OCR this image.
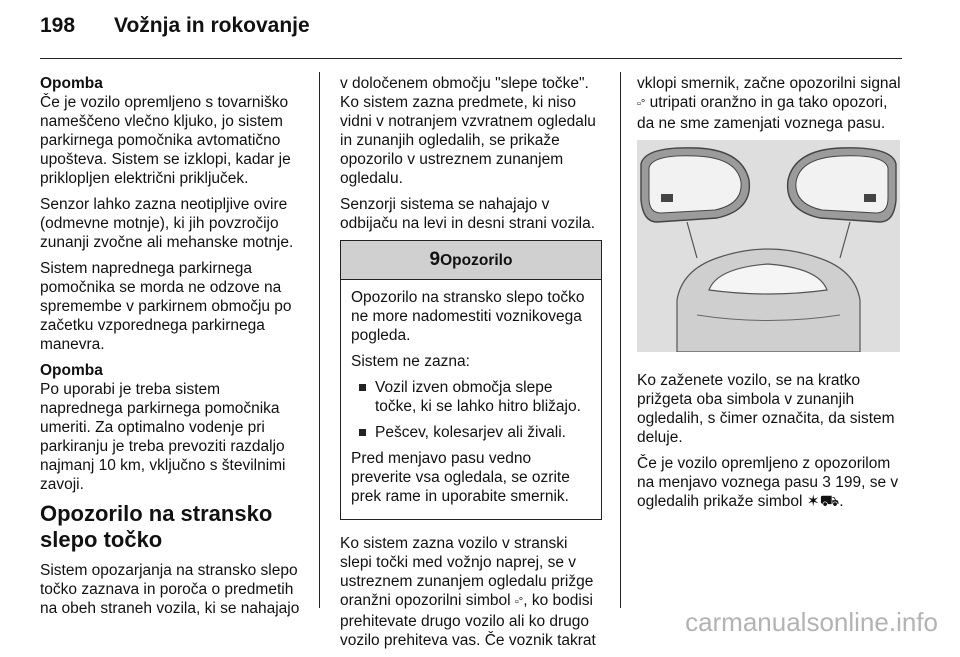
198 Vožnja in rokovanje

Opomba
Če je vozilo opremljeno s tovarniško nameščeno vlečno kljuko, jo sistem parkirnega pomočnika avtomatično upošteva. Sistem se izklopi, kadar je priklopljen električni priključek.

Senzor lahko zazna neotipljive ovire (odmevne motnje), ki jih povzročijo zunanji zvočne ali mehanske motnje.

Sistem naprednega parkirnega pomočnika se morda ne odzove na spremembe v parkirnem območju po začetku vzporednega parkirnega manevra.

Opomba
Po uporabi je treba sistem naprednega parkirnega pomočnika umeriti. Za optimalno vodenje pri parkiranju je treba prevoziti razdaljo najmanj 10 km, vključno s številnimi zavoji.

Opozorilo na stransko slepo točko

Sistem opozarjanja na stransko slepo točko zaznava in poroča o predmetih na obeh straneh vozila, ki se nahajajo

v določenem območju "slepe točke". Ko sistem zazna predmete, ki niso vidni v notranjem vzvratnem ogledalu in zunanjih ogledalih, se prikaže opozorilo v ustreznem zunanjem ogledalu.

Senzorji sistema se nahajajo v odbijaču na levi in desni strani vozila.

9Opozorilo

Opozorilo na stransko slepo točko ne more nadomestiti voznikovega pogleda.

Sistem ne zazna:

Vozil izven območja slepe točke, ki se lahko hitro bližajo.
Pešcev, kolesarjev ali živali.

Pred menjavo pasu vedno preverite vsa ogledala, se ozrite prek rame in uporabite smernik.

Ko sistem zazna vozilo v stranski slepi točki med vožnjo naprej, se v ustreznem zunanjem ogledalu prižge oranžni opozorilni simbol ▫°, ko bodisi prehitevate drugo vozilo ali ko drugo vozilo prehiteva vas. Če voznik takrat

vklopi smernik, začne opozorilni signal ▫° utripati oranžno in ga tako opozori, da ne sme zamenjati voznega pasu.

Ko zaženete vozilo, se na kratko prižgeta oba simbola v zunanjih ogledalih, s čimer označita, da sistem deluje.

Če je vozilo opremljeno z opozorilom na menjavo voznega pasu 3 199, se v ogledalih prikaže simbol ✶⛟.

carmanualsonline.info
